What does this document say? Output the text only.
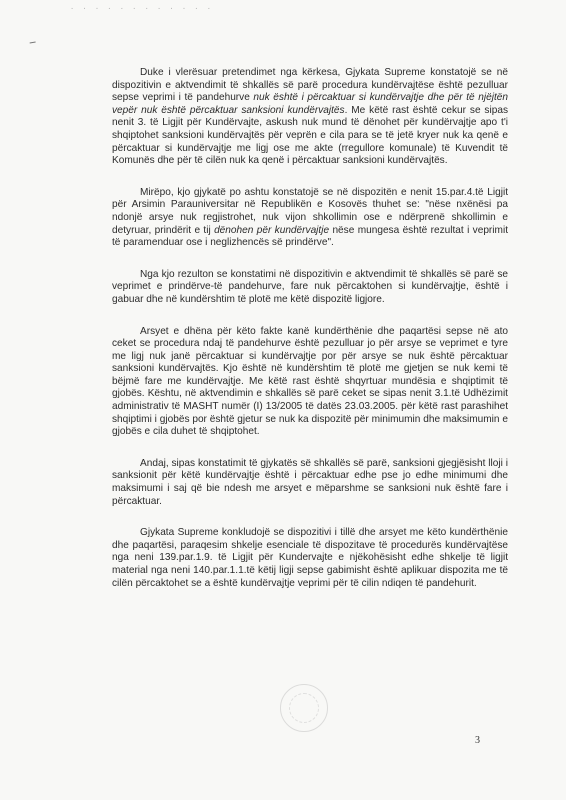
· · · · · · · · · · · ·

Duke i vlerësuar pretendimet nga kërkesa, Gjykata Supreme konstatojë se në dispozitivin e aktvendimit të shkallës së parë procedura kundërvajtëse është pezulluar sepse veprimi i të pandehurve nuk është i përcaktuar si kundërvajtje dhe për të njëjtën vepër nuk është përcaktuar sanksioni kundërvajtës. Me këtë rast është cekur se sipas nenit 3. të Ligjit për Kundërvajte, askush nuk mund të dënohet për kundërvajtje apo t'i shqiptohet sanksioni kundërvajtës për veprën e cila para se të jetë kryer nuk ka qenë e përcaktuar si kundërvajtje me ligj ose me akte (rregullore komunale) të Kuvendit të Komunës dhe për të cilën nuk ka qenë i përcaktuar sanksioni kundërvajtës.

Mirëpo, kjo gjykatë po ashtu konstatojë se në dispozitën e nenit 15.par.4.të Ligjit për Arsimin Parauniversitar në Republikën e Kosovës thuhet se: "nëse nxënësi pa ndonjë arsye nuk regjistrohet, nuk vijon shkollimin ose e ndërprenë shkollimin e detyruar, prindërit e tij dënohen për kundërvajtje nëse mungesa është rezultat i veprimit të paramenduar ose i neglizhencës së prindërve".

Nga kjo rezulton se konstatimi në dispozitivin e aktvendimit të shkallës së parë se veprimet e prindërve-të pandehurve, fare nuk përcaktohen si kundërvajtje, është i gabuar dhe në kundërshtim të plotë me këtë dispozitë ligjore.

Arsyet e dhëna për këto fakte kanë kundërthënie dhe paqartësi sepse në ato ceket se procedura ndaj të pandehurve është pezulluar jo për arsye se veprimet e tyre me ligj nuk janë përcaktuar si kundërvajtje por për arsye se nuk është përcaktuar sanksioni kundërvajtës. Kjo është në kundërshtim të plotë me gjetjen se nuk kemi të bëjmë fare me kundërvajtje. Me këtë rast është shqyrtuar mundësia e shqiptimit të gjobës. Kështu, në aktvendimin e shkallës së parë ceket se sipas nenit 3.1.të Udhëzimit administrativ të MASHT numër (I) 13/2005 të datës 23.03.2005. për këtë rast parashihet shqiptimi i gjobës por është gjetur se nuk ka dispozitë për minimumin dhe maksimumin e gjobës e cila duhet të shqiptohet.

Andaj, sipas konstatimit të gjykatës së shkallës së parë, sanksioni gjegjësisht lloji i sanksionit për këtë kundërvajtje është i përcaktuar edhe pse jo edhe minimumi dhe maksimumi i saj që bie ndesh me arsyet e mëparshme se sanksioni nuk është fare i përcaktuar.

Gjykata Supreme konkludojë se dispozitivi i tillë dhe arsyet me këto kundërthënie dhe paqartësi, paraqesim shkelje esenciale të dispozitave të procedurës kundërvajtëse nga neni 139.par.1.9. të Ligjit për Kundervajte e njëkohësisht edhe shkelje të ligjit material nga neni 140.par.1.1.të këtij ligji sepse gabimisht është aplikuar dispozita me të cilën përcaktohet se a është kundërvajtje veprimi për të cilin ndiqen të pandehurit.

3
